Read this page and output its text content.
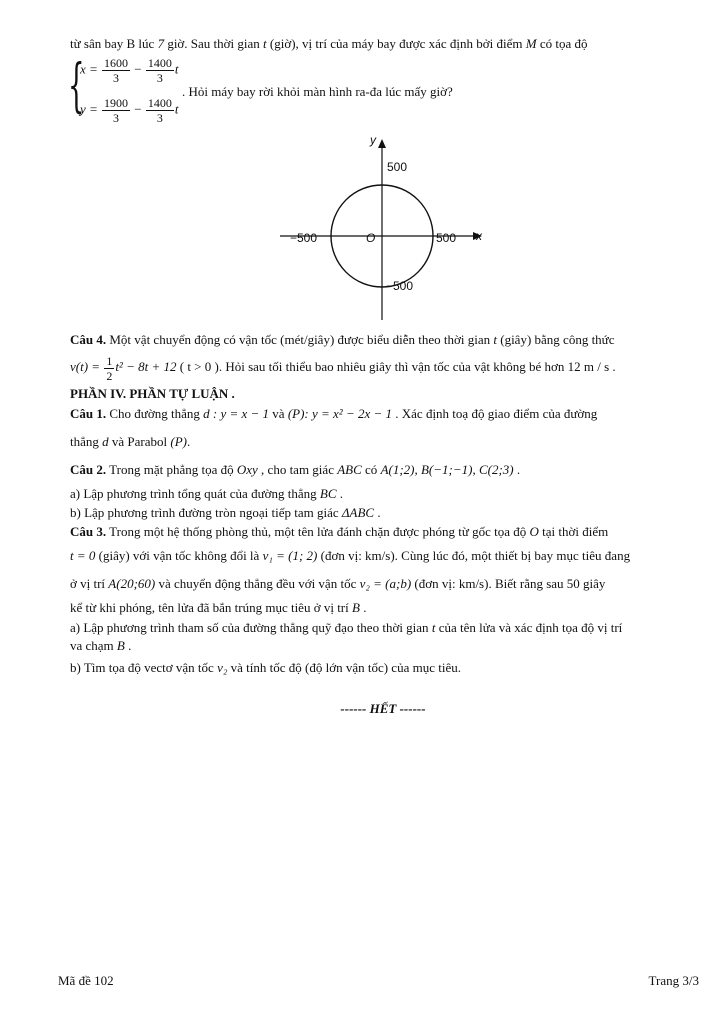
từ sân bay B lúc 7 giờ. Sau thời gian t (giờ), vị trí của máy bay được xác định bởi điểm M có tọa độ
{
$x = \frac{1600}{3} - \frac{1400}{3}$ t
$y = \frac{1900}{3} - \frac{1400}{3}$ t
. Hỏi máy bay rời khỏi màn hình ra-đa lúc mấy giờ?
y
x
O
500
−500
−500	500
Câu 4. Một vật chuyển động có vận tốc (mét/giây) được biểu diễn theo thời gian t (giây) bằng công thức
$v(t) = \frac{1}{2} t^2 - 8t + 12$ ( t > 0 ). Hỏi sau tối thiểu bao nhiêu giây thì vận tốc của vật không bé hơn 12 m / s .
PHẦN IV. PHẦN TỰ LUẬN .
Câu 1. Cho đường thẳng d : y = x − 1 và (P): y = x² − 2x − 1 . Xác định toạ độ giao điểm của đường
thẳng d và Parabol (P).
Câu 2. Trong mặt phẳng tọa độ Oxy , cho tam giác ABC có A(1;2), B(−1;−1), C(2;3) .
a) Lập phương trình tổng quát của đường thẳng BC .
b) Lập phương trình đường tròn ngoại tiếp tam giác ΔABC .
Câu 3. Trong một hệ thống phòng thủ, một tên lửa đánh chặn được phóng từ gốc tọa độ O tại thời điểm
t = 0 (giây) với vận tốc không đổi là v₁ = (1; 2) (đơn vị: km/s). Cùng lúc đó, một thiết bị bay mục tiêu đang
ở vị trí A(20;60) và chuyển động thẳng đều với vận tốc v₂ = (a;b) (đơn vị: km/s). Biết rằng sau 50 giây
kể từ khi phóng, tên lửa đã bắn trúng mục tiêu ở vị trí B .
a) Lập phương trình tham số của đường thẳng quỹ đạo theo thời gian t của tên lửa và xác định tọa độ vị trí
va chạm B .
b) Tìm tọa độ vectơ vận tốc v₂ và tính tốc độ (độ lớn vận tốc) của mục tiêu.
------ HẾT ------
Mã đề 102	Trang 3/3
